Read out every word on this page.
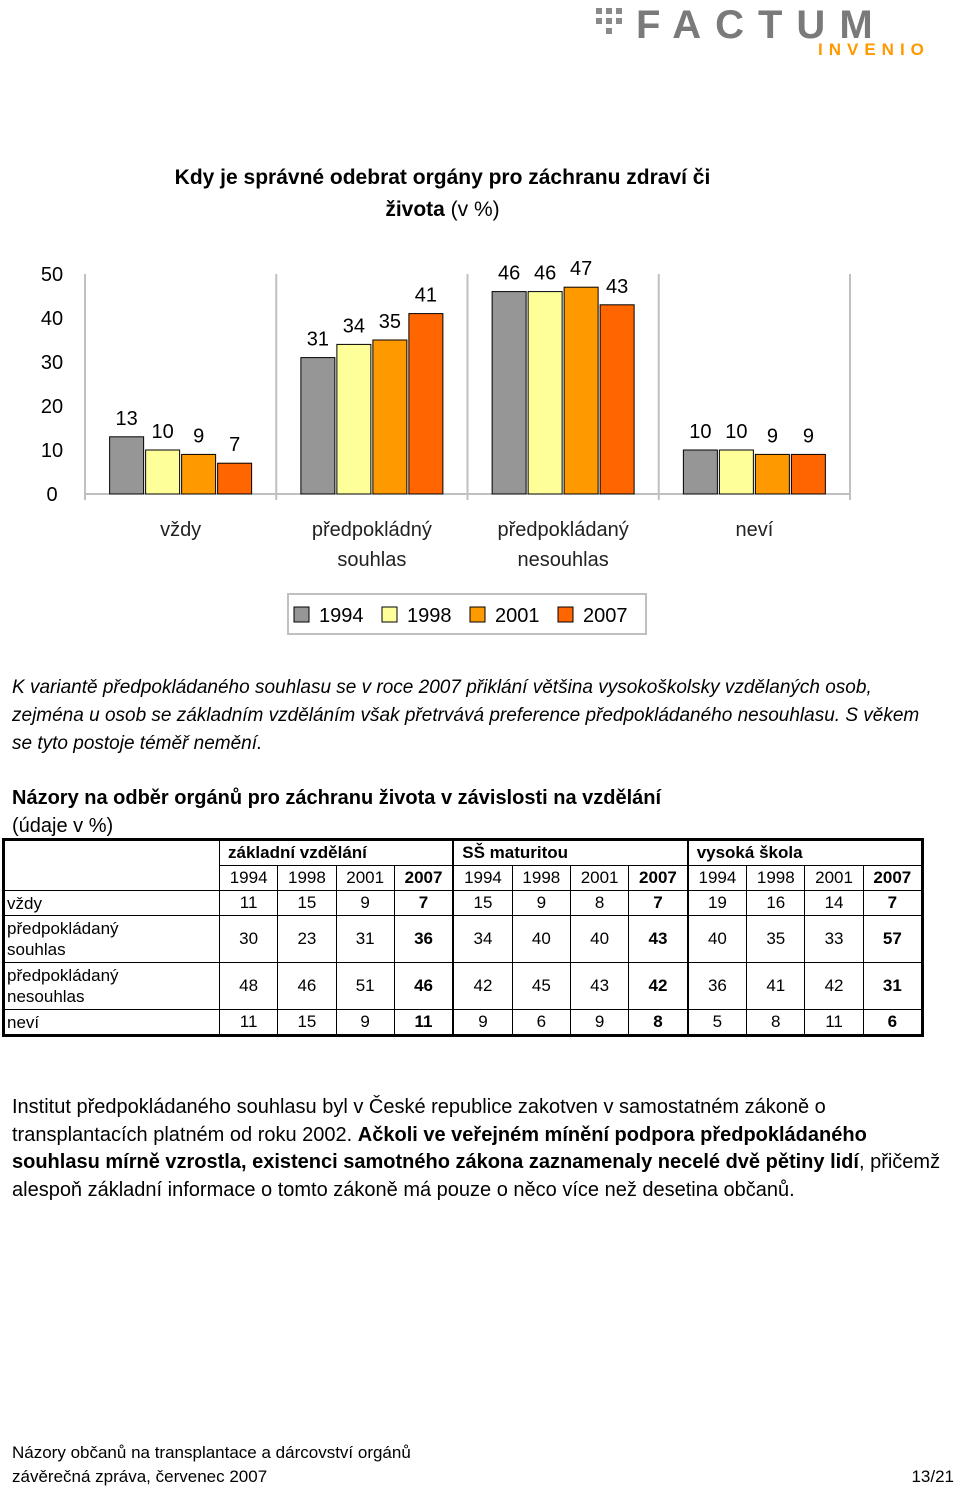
FACTUM
INVENIO
Kdy je správné odebrat orgány pro záchranu zdraví či
života (v %)
0
10
20
30
40
50
13
10 9 7
vždy
31
34 35
41
předpokládný
souhlas
46 46 47
43
předpokládaný
nesouhlas
10 10 9 9
neví
1994 1998 2001 2007
K variantě předpokládaného souhlasu se v roce 2007 přiklání většina vysokoškolsky vzdělaných osob, zejména u osob se základním vzděláním však přetrvává preference předpokládaného nesouhlasu. S věkem se tyto postoje téměř nemění.
Názory na odběr orgánů pro záchranu života v závislosti na vzdělání
(údaje v %)
	základní vzdělání				SŠ maturitou				vysoká škola			
	1994	1998	2001	2007	1994	1998	2001	2007	1994	1998	2001	2007
vždy	11	15	9	7	15	9	8	7	19	16	14	7
předpokládaný
souhlas	30	23	31	36	34	40	40	43	40	35	33	57
předpokládaný
nesouhlas	48	46	51	46	42	45	43	42	36	41	42	31
neví	11	15	9	11	9	6	9	8	5	8	11	6
Institut předpokládaného souhlasu byl v České republice zakotven v samostatném zákoně o transplantacích platném od roku 2002. Ačkoli ve veřejném mínění podpora předpokládaného souhlasu mírně vzrostla, existenci samotného zákona zaznamenaly necelé dvě pětiny lidí, přičemž alespoň základní informace o tomto zákoně má pouze o něco více než desetina občanů.
Názory občanů na transplantace a dárcovství orgánů
závěrečná zpráva, červenec 2007	13/21
